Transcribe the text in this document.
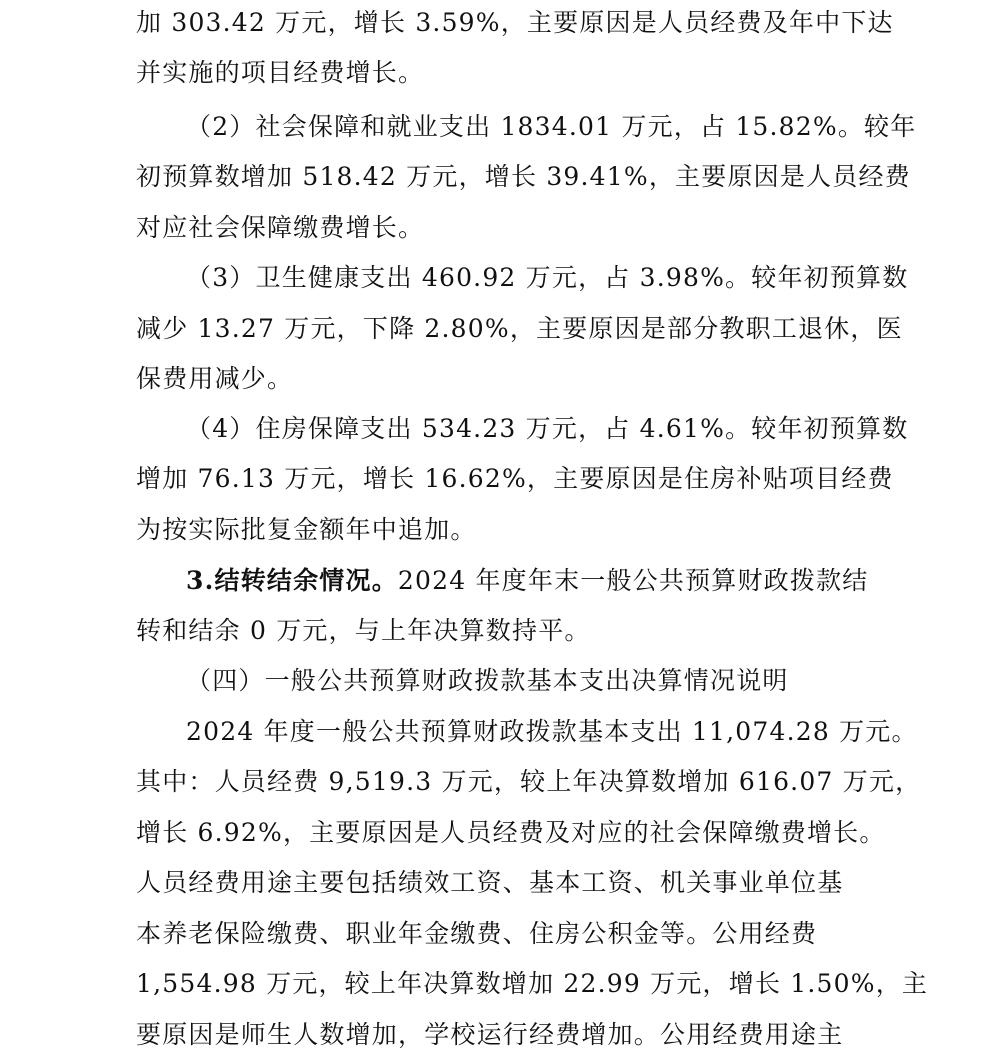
加 303.42 万元，增长 3.59%，主要原因是人员经费及年中下达
并实施的项目经费增长。
（2）社会保障和就业支出 1834.01 万元，占 15.82%。较年
初预算数增加 518.42 万元，增长 39.41%，主要原因是人员经费
对应社会保障缴费增长。
（3）卫生健康支出 460.92 万元，占 3.98%。较年初预算数
减少 13.27 万元，下降 2.80%，主要原因是部分教职工退休，医
保费用减少。
（4）住房保障支出 534.23 万元，占 4.61%。较年初预算数
增加 76.13 万元，增长 16.62%，主要原因是住房补贴项目经费
为按实际批复金额年中追加。
3.结转结余情况。2024 年度年末一般公共预算财政拨款结
转和结余 0 万元，与上年决算数持平。
（四）一般公共预算财政拨款基本支出决算情况说明
2024 年度一般公共预算财政拨款基本支出 11,074.28 万元。
其中：人员经费 9,519.3 万元，较上年决算数增加 616.07 万元，
增长 6.92%，主要原因是人员经费及对应的社会保障缴费增长。
人员经费用途主要包括绩效工资、基本工资、机关事业单位基
本养老保险缴费、职业年金缴费、住房公积金等。公用经费
1,554.98 万元，较上年决算数增加 22.99 万元，增长 1.50%，主
要原因是师生人数增加，学校运行经费增加。公用经费用途主
